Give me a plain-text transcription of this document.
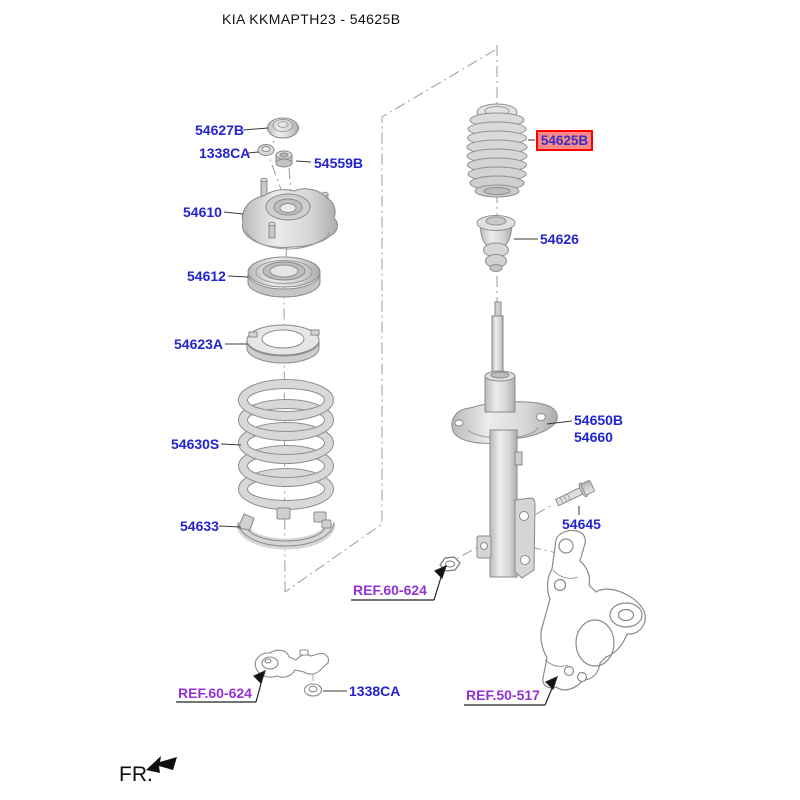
KIA KKMAPTH23 - 54625B
54627B
1338CA
54559B
54610
54612
54623A
54630S
54633
54625B
54626
54650B
54660
54645
1338CA
REF.60-624
REF.60-624	REF.50-517
FR.
